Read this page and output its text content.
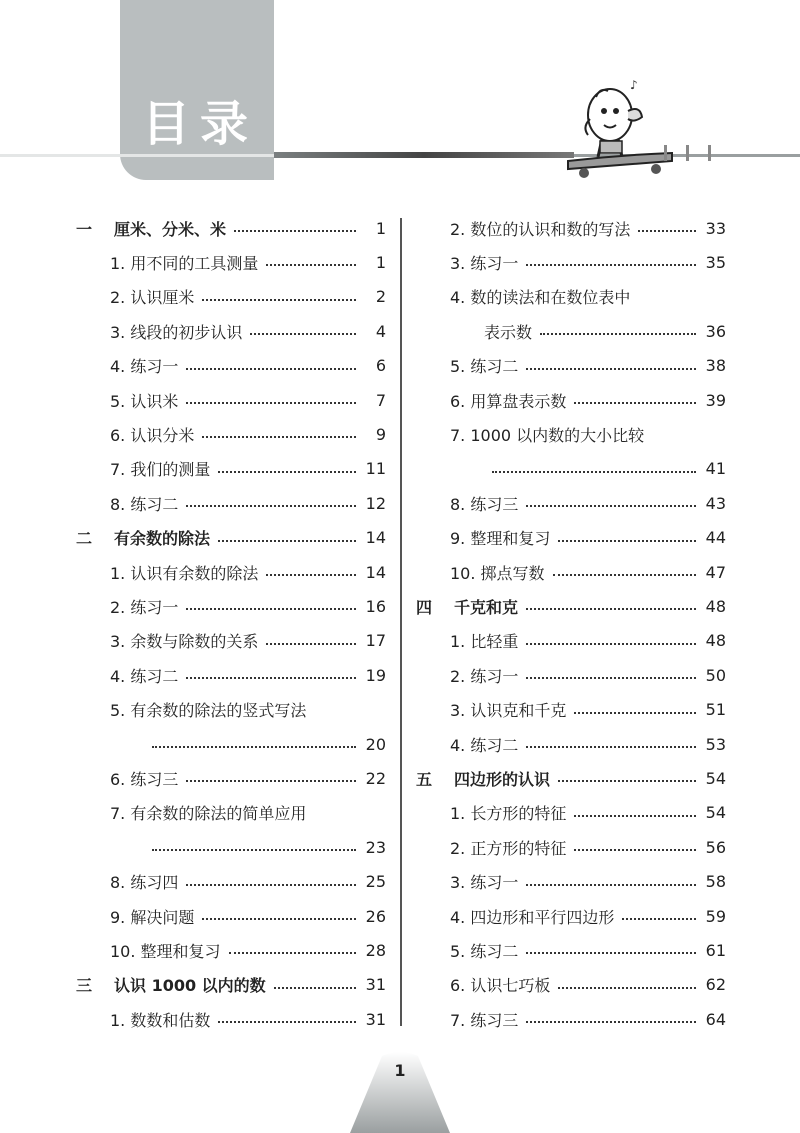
目录
♪
一	厘米、分米、米	1
1. 用不同的工具测量	1
2. 认识厘米	2
3. 线段的初步认识	4
4. 练习一	6
5. 认识米	7
6. 认识分米	9
7. 我们的测量	11
8. 练习二	12
二	有余数的除法	14
1. 认识有余数的除法	14
2. 练习一	16
3. 余数与除数的关系	17
4. 练习二	19
5. 有余数的除法的竖式写法
20
6. 练习三	22
7. 有余数的除法的简单应用
23
8. 练习四	25
9. 解决问题	26
10. 整理和复习	28
三	认识 1000 以内的数	31
1. 数数和估数	31
2. 数位的认识和数的写法	33
3. 练习一	35
4. 数的读法和在数位表中
表示数	36
5. 练习二	38
6. 用算盘表示数	39
7. 1000 以内数的大小比较
41
8. 练习三	43
9. 整理和复习	44
10. 掷点写数	47
四	千克和克	48
1. 比轻重	48
2. 练习一	50
3. 认识克和千克	51
4. 练习二	53
五	四边形的认识	54
1. 长方形的特征	54
2. 正方形的特征	56
3. 练习一	58
4. 四边形和平行四边形	59
5. 练习二	61
6. 认识七巧板	62
7. 练习三	64
1
